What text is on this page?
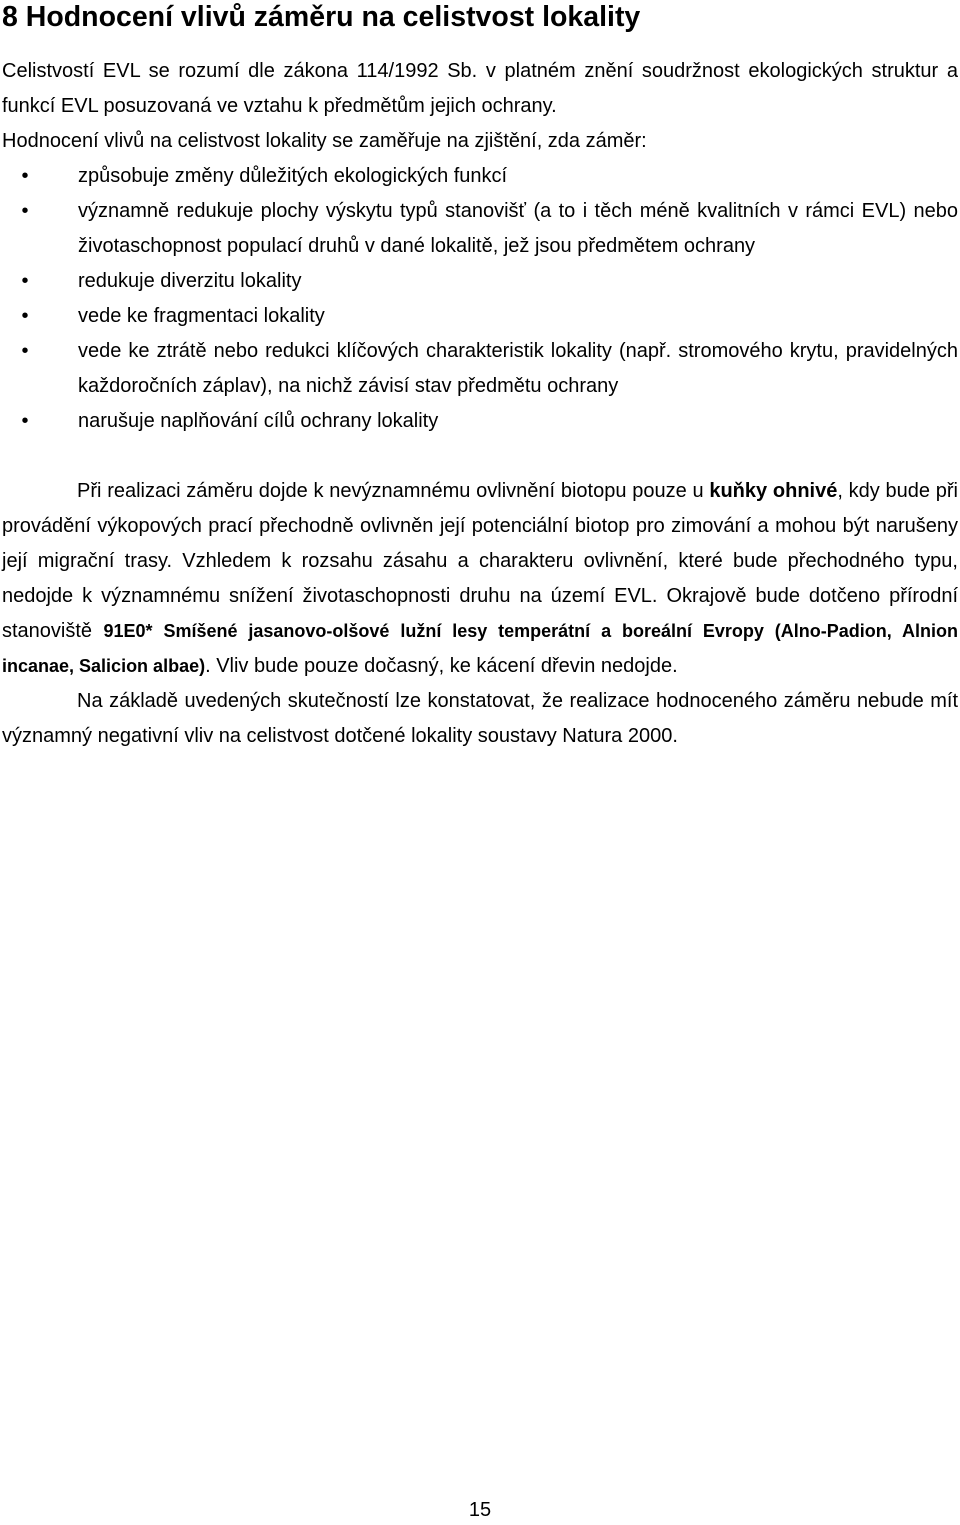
8 Hodnocení vlivů záměru na celistvost lokality

Celistvostí EVL se rozumí dle zákona 114/1992 Sb. v platném znění soudržnost ekologických struktur a funkcí EVL posuzovaná ve vztahu k předmětům jejich ochrany.

Hodnocení vlivů na celistvost lokality se zaměřuje na zjištění, zda záměr:

• způsobuje změny důležitých ekologických funkcí
• významně redukuje plochy výskytu typů stanovišť (a to i těch méně kvalitních v rámci EVL) nebo životaschopnost populací druhů v dané lokalitě, jež jsou předmětem ochrany
• redukuje diverzitu lokality
• vede ke fragmentaci lokality
• vede ke ztrátě nebo redukci klíčových charakteristik lokality (např. stromového krytu, pravidelných každoročních záplav), na nichž závisí stav předmětu ochrany
• narušuje naplňování cílů ochrany lokality

Při realizaci záměru dojde k nevýznamnému ovlivnění biotopu pouze u kuňky ohnivé, kdy bude při provádění výkopových prací přechodně ovlivněn její potenciální biotop pro zimování a mohou být narušeny její migrační trasy. Vzhledem k rozsahu zásahu a charakteru ovlivnění, které bude přechodného typu, nedojde k významnému snížení životaschopnosti druhu na území EVL. Okrajově bude dotčeno přírodní stanoviště 91E0* Smíšené jasanovo-olšové lužní lesy temperátní a boreální Evropy (Alno-Padion, Alnion incanae, Salicion albae). Vliv bude pouze dočasný, ke kácení dřevin nedojde.

Na základě uvedených skutečností lze konstatovat, že realizace hodnoceného záměru nebude mít významný negativní vliv na celistvost dotčené lokality soustavy Natura 2000.

15
